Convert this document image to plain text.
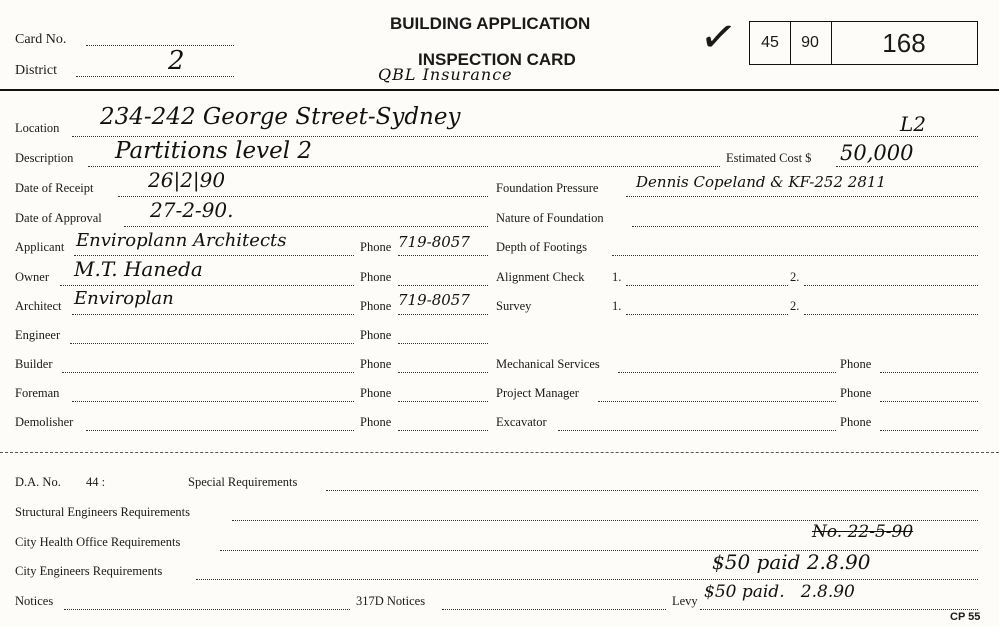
Card No.
District	2
BUILDING APPLICATION
INSPECTION CARD
QBL Insurance
✓	45	90	168
Location 234-242 George Street-Sydney	L2
Description Partitions level 2	Estimated Cost $ 50,000
Date of Receipt	26|2|90	Foundation Pressure	Dennis Copeland & KF-252 2811
Date of Approval 27-2-90.	Nature of Foundation
Applicant Enviroplann Architects	Phone 719-8057 Depth of Footings
Owner M.T. Haneda	Phone	Alignment Check 1.	2.
Architect Enviroplan	Phone 719-8057 Survey	1.	2.
Engineer	Phone
Builder	Phone	Mechanical Services	Phone
Foreman	Phone	Project Manager	Phone
Demolisher	Phone	Excavator	Phone
D.A. No. 44 :	Special Requirements
Structural Engineers Requirements
City Health Office Requirements	No. 22-5-90
City Engineers Requirements	$50 paid 2.8.90
Notices	317D Notices	Levy $50 paid.   2.8.90
CP 55
